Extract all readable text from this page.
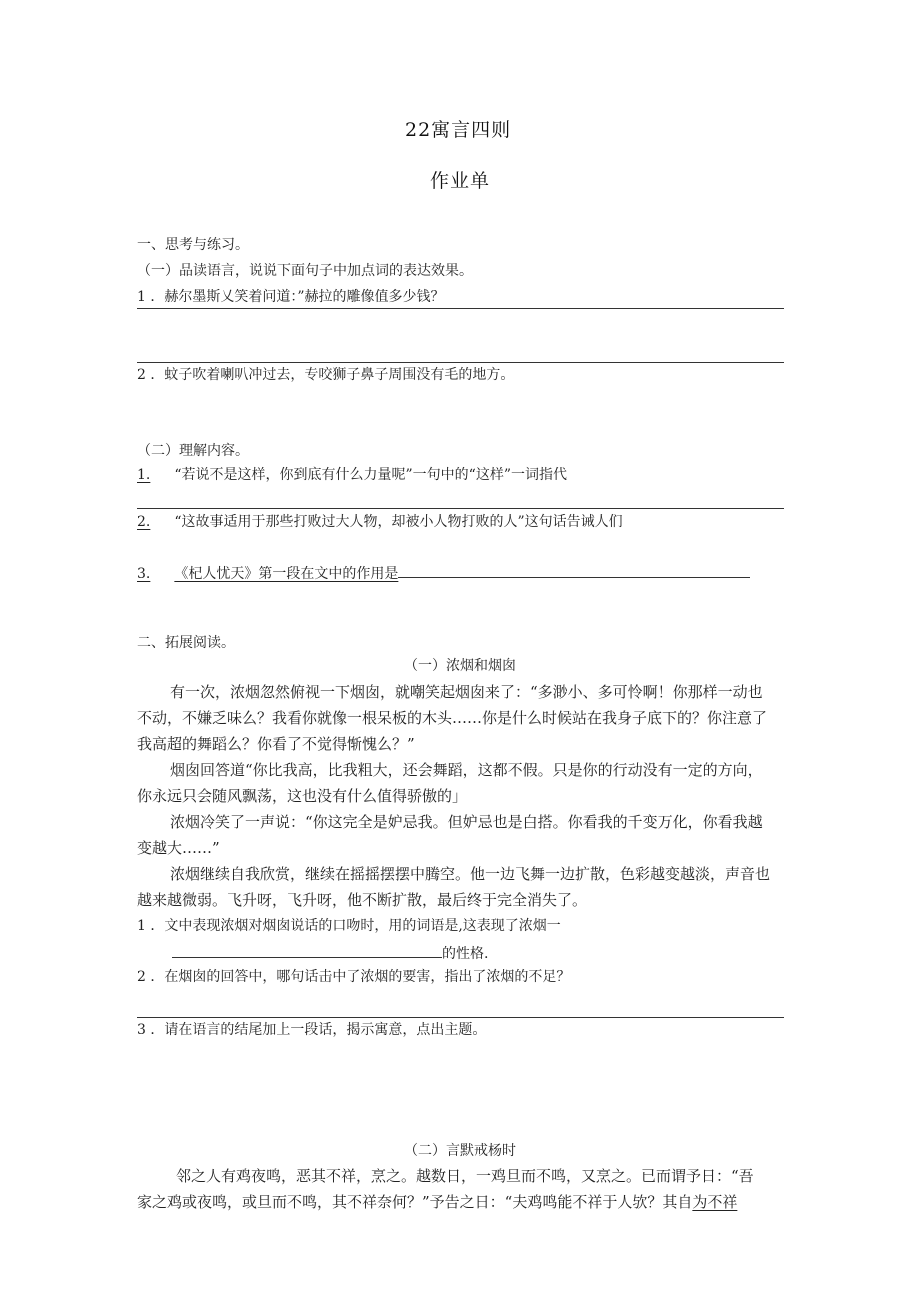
22寓言四则
作业单
一、思考与练习。
（一）品读语言，说说下面句子中加点词的表达效果。
1 ．赫尔墨斯乂笑着问道：”赫拉的雕像值多少钱？
2 ．蚊子吹着喇叭冲过去，专咬狮子鼻子周围没有毛的地方。
（二）理解内容。
1. “若说不是这样，你到底有什么力量呢”一句中的“这样”一词指代
2. “这故事适用于那些打败过大人物，却被小人物打败的人”这句话告诫人们
3. 《杞人忧天》第一段在文中的作用是
二、拓展阅读。
（一）浓烟和烟囱
有一次，浓烟忽然俯视一下烟囱，就嘲笑起烟囱来了：“多渺小、多可怜啊！你那样一动也
不动，不嫌乏味么？我看你就像一根呆板的木头……你是什么时候站在我身子底下的？你注意了
我高超的舞蹈么？你看了不觉得惭愧么？”
烟囱回答道“你比我高，比我粗大，还会舞蹈，这都不假。只是你的行动没有一定的方向，
你永远只会随风飘荡，这也没有什么值得骄傲的」
浓烟冷笑了一声说：“你这完全是妒忌我。但妒忌也是白搭。你看我的千变万化，你看我越
变越大……”
浓烟继续自我欣赏，继续在摇摇摆摆中腾空。他一边飞舞一边扩散，色彩越变越淡，声音也
越来越微弱。飞升呀，飞升呀，他不断扩散，最后终于完全消失了。
1 ．文中表现浓烟对烟囱说话的口吻时，用的词语是,这表现了浓烟一
的性格.
2 ．在烟囱的回答中，哪句话击中了浓烟的要害，指出了浓烟的不足？
3 ．请在语言的结尾加上一段话，揭示寓意，点出主题。
（二）言默戒杨时
邻之人有鸡夜鸣，恶其不祥，烹之。越数日，一鸡旦而不鸣，又烹之。已而谓予日：“吾
家之鸡或夜鸣，或旦而不鸣，其不祥奈何？”予告之日：“夫鸡鸣能不祥于人欤？其自为不祥
